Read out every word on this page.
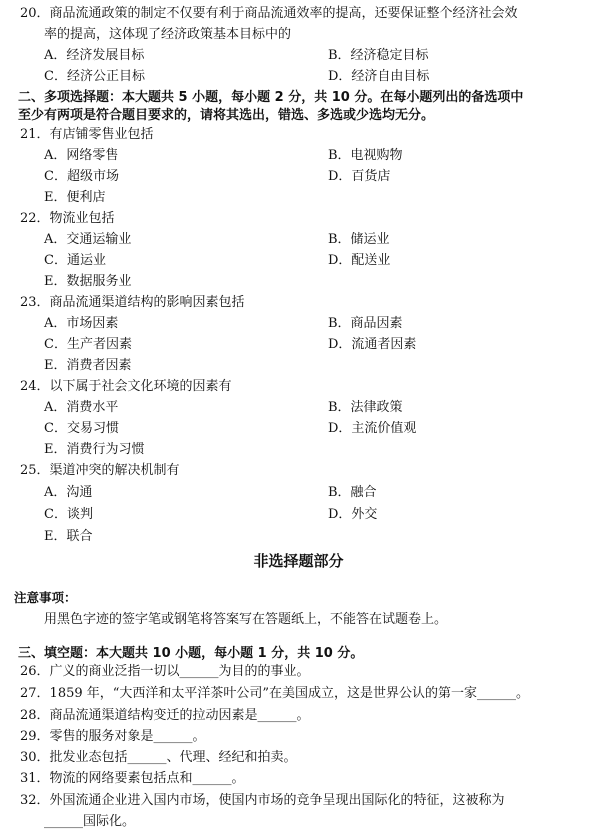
20．商品流通政策的制定不仅要有利于商品流通效率的提高，还要保证整个经济社会效
率的提高，这体现了经济政策基本目标中的
A．经济发展目标	B．经济稳定目标
C．经济公正目标	D．经济自由目标
二、多项选择题：本大题共 5 小题，每小题 2 分，共 10 分。在每小题列出的备选项中
至少有两项是符合题目要求的，请将其选出，错选、多选或少选均无分。
21．有店铺零售业包括
A．网络零售	B．电视购物
C．超级市场	D．百货店
E．便利店
22．物流业包括
A．交通运输业	B．储运业
C．通运业	D．配送业
E．数据服务业
23．商品流通渠道结构的影响因素包括
A．市场因素	B．商品因素
C．生产者因素	D．流通者因素
E．消费者因素
24．以下属于社会文化环境的因素有
A．消费水平	B．法律政策
C．交易习惯	D．主流价值观
E．消费行为习惯
25．渠道冲突的解决机制有
A．沟通	B．融合
C．谈判	D．外交
E．联合
非选择题部分
注意事项：
用黑色字迹的签字笔或钢笔将答案写在答题纸上，不能答在试题卷上。
三、填空题：本大题共 10 小题，每小题 1 分，共 10 分。
26．广义的商业泛指一切以______为目的的事业。
27．1859 年，“大西洋和太平洋茶叶公司”在美国成立，这是世界公认的第一家______。
28．商品流通渠道结构变迁的拉动因素是______。
29．零售的服务对象是______。
30．批发业态包括______、代理、经纪和拍卖。
31．物流的网络要素包括点和______。
32．外国流通企业进入国内市场，使国内市场的竞争呈现出国际化的特征，这被称为
______国际化。
